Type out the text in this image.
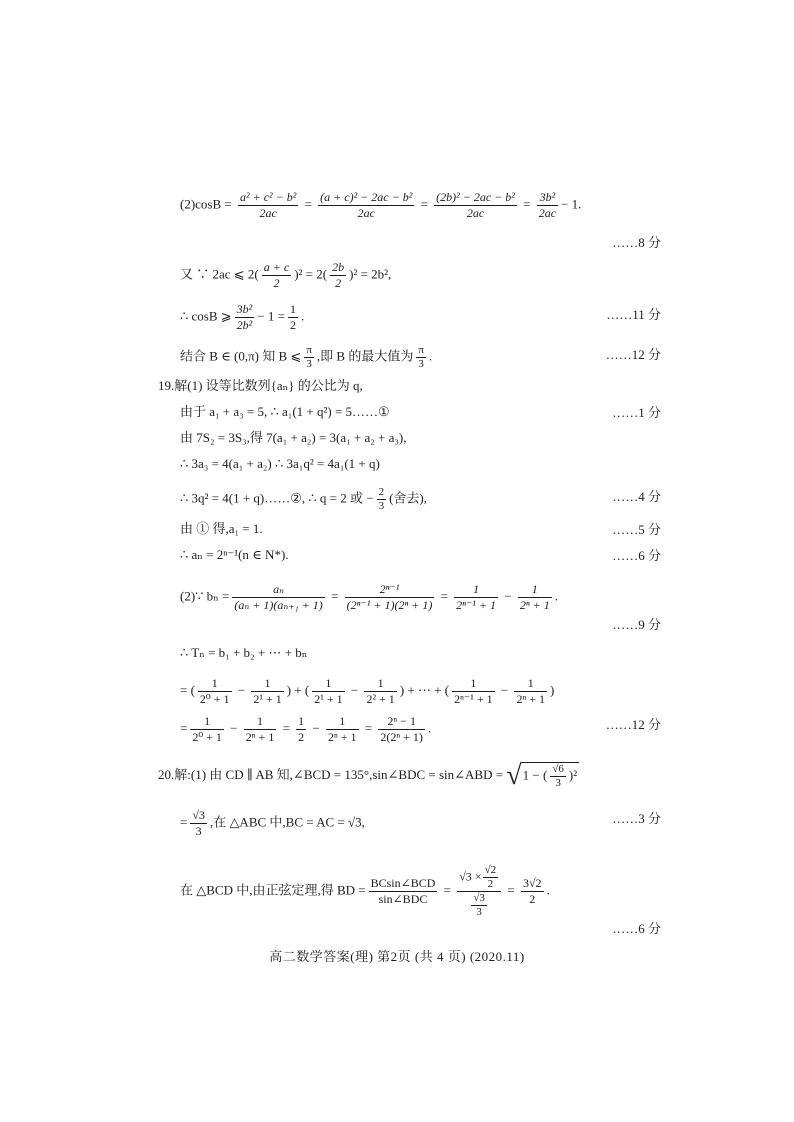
$(2)\cos B = \frac{\text{a² + c² − b²}}{2ac} = \frac{\text{(a + c)² − 2ac − b²}}{2ac} = \frac{\text{(2b)² − 2ac − b²}}{2ac} = \frac{\text{3b²}}{2ac} - 1$.
……8 分
又 ∵ 2ac ⩽ $2( \frac{a + c}{2} )^2 = 2( \frac{2b}{2} )^2 = 2b^2$,
∴ cosB ⩾ $\frac{\text{3b²}}{\text{2b²}} - 1 = \frac{1}{2}$ .	……11 分
结合 B ∈ (0,π) 知 B ⩽ $\frac{\pi}{3}$ ,即 B 的最大值为 $\frac{\pi}{3}$ .	……12 分
19.解(1) 设等比数列{aₙ} 的公比为 q,
由于 a₁ + a₃ = 5, ∴ a₁(1 + q²) = 5……①	……1 分
由 7S₂ = 3S₃,得 7(a₁ + a₂) = 3(a₁ + a₂ + a₃),
∴ 3a₃ = 4(a₁ + a₂) ∴ 3a₁q² = 4a₁(1 + q)
∴ 3q² = 4(1 + q)……②, ∴ q = 2 或 − $\frac{2}{3}$ (舍去),	……4 分
由 ① 得,a₁ = 1.	……5 分
∴ aₙ = 2ⁿ⁻¹(n ∈ N*).	……6 分
(2)∵ $b_n = \frac{\text{aₙ}}{\text{(aₙ + 1)(aₙ₊₁ + 1)}} = \frac{\text{2ⁿ⁻¹}}{\text{(2ⁿ⁻¹ + 1)(2ⁿ + 1)}} = \frac{1}{\text{2ⁿ⁻¹ + 1}} - \frac{1}{\text{2ⁿ + 1}}$ .
……9 分
∴ Tₙ = b₁ + b₂ + ⋯ + bₙ
= ( $\frac{1}{\text{2⁰ + 1}} - \frac{1}{\text{2¹ + 1}}$ ) + ( $\frac{1}{\text{2¹ + 1}} - \frac{1}{\text{2² + 1}}$ ) + ⋯ + ( $\frac{1}{\text{2ⁿ⁻¹ + 1}} - \frac{1}{\text{2ⁿ + 1}}$ )
= $\frac{1}{\text{2⁰ + 1}} - \frac{1}{\text{2ⁿ + 1}} = \frac{1}{2} - \frac{1}{\text{2ⁿ + 1}} = \frac{\text{2ⁿ − 1}}{\text{2(2ⁿ + 1)}}$ .	……12 分
20.解:(1) 由 CD ∥ AB 知,∠BCD = 135°,sin∠BDC = sin∠ABD = √1 − ( $\frac{√6}{3} )^2$
= $\frac{√3}{3}$ ,在 △ABC 中,BC = AC = √3,	……3 分
在 △BCD 中,由正弦定理,得 BD = $\frac{\text{BCsin∠BCD}}{\text{sin∠BDC}} = \frac{√3 \times \frac{√2}{2}}{\frac{√3}{3}} = \frac{3√2}{2}$ .
……6 分
高二数学答案(理) 第2页 (共 4 页) (2020.11)
